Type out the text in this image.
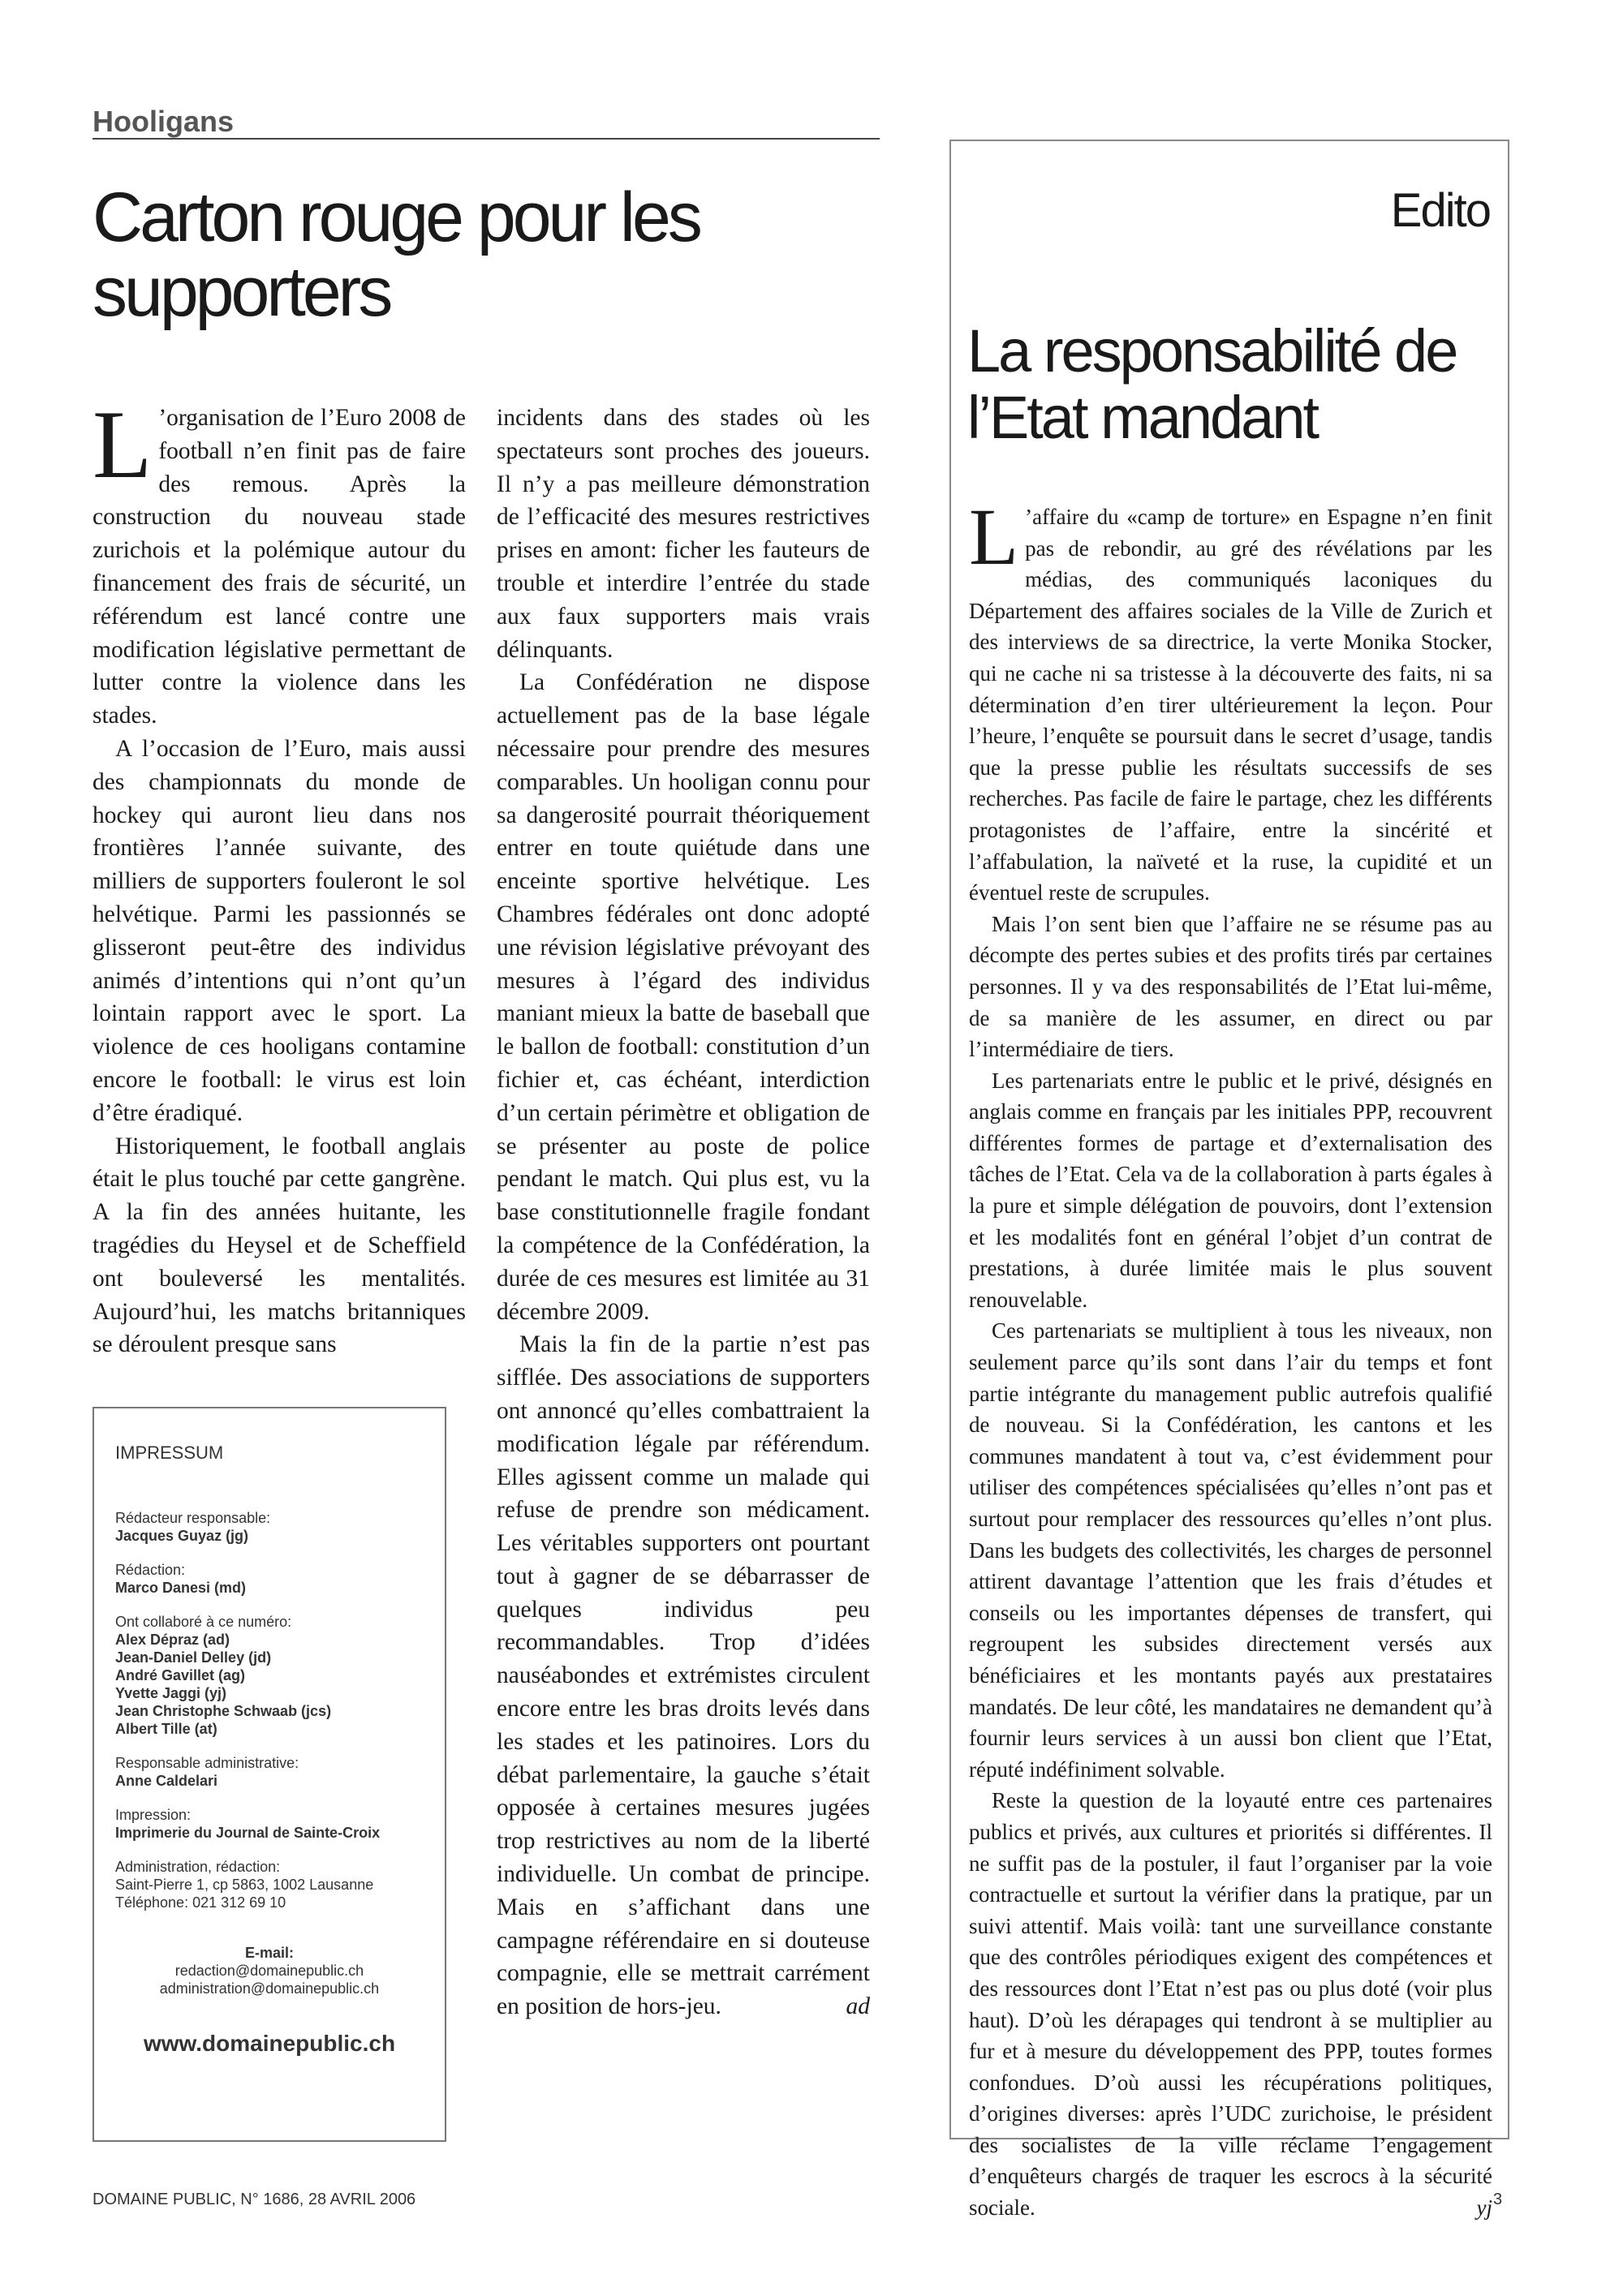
Hooligans
Carton rouge pour les supporters

L ’organisation de l’Euro 2008 de football n’en finit pas de faire des remous. Après la construction du nouveau stade zurichois et la polémique autour du financement des frais de sécurité, un référendum est lancé contre une modification législative permettant de lutter contre la violence dans les stades.

A l’occasion de l’Euro, mais aussi des championnats du monde de hockey qui auront lieu dans nos frontières l’année suivante, des milliers de supporters fouleront le sol helvétique. Parmi les passionnés se glisseront peut-être des individus animés d’intentions qui n’ont qu’un lointain rapport avec le sport. La violence de ces hooligans contamine encore le football: le virus est loin d’être éradiqué.

Historiquement, le football anglais était le plus touché par cette gangrène. A la fin des années huitante, les tragédies du Heysel et de Scheffield ont bouleversé les mentalités. Aujourd’hui, les matchs britanniques se déroulent presque sans

incidents dans des stades où les spectateurs sont proches des joueurs. Il n’y a pas meilleure démonstration de l’efficacité des mesures restrictives prises en amont: ficher les fauteurs de trouble et interdire l’entrée du stade aux faux supporters mais vrais délinquants.

La Confédération ne dispose actuellement pas de la base légale nécessaire pour prendre des mesures comparables. Un hooligan connu pour sa dangerosité pourrait théoriquement entrer en toute quiétude dans une enceinte sportive helvétique. Les Chambres fédérales ont donc adopté une révision législative prévoyant des mesures à l’égard des individus maniant mieux la batte de baseball que le ballon de football: constitution d’un fichier et, cas échéant, interdiction d’un certain périmètre et obligation de se présenter au poste de police pendant le match. Qui plus est, vu la base constitutionnelle fragile fondant la compétence de la Confédération, la durée de ces mesures est limitée au 31 décembre 2009.

Mais la fin de la partie n’est pas sifflée. Des associations de supporters ont annoncé qu’elles combattraient la modification légale par référendum. Elles agissent comme un malade qui refuse de prendre son médicament. Les véritables supporters ont pourtant tout à gagner de se débarrasser de quelques individus peu recommandables. Trop d’idées nauséabondes et extrémistes circulent encore entre les bras droits levés dans les stades et les patinoires. Lors du débat parlementaire, la gauche s’était opposée à certaines mesures jugées trop restrictives au nom de la liberté individuelle. Un combat de principe. Mais en s’affichant dans une campagne référendaire en si douteuse compagnie, elle se mettrait carrément en position de hors-jeu.	ad

IMPRESSUM
Rédacteur responsable:
Jacques Guyaz (jg)
Rédaction:
Marco Danesi (md)
Ont collaboré à ce numéro:
Alex Dépraz (ad)
Jean-Daniel Delley (jd)
André Gavillet (ag)
Yvette Jaggi (yj)
Jean Christophe Schwaab (jcs)
Albert Tille (at)
Responsable administrative:
Anne Caldelari
Impression:
Imprimerie du Journal de Sainte-Croix
Administration, rédaction:
Saint-Pierre 1, cp 5863, 1002 Lausanne
Téléphone: 021 312 69 10
E-mail:
redaction@domainepublic.ch
administration@domainepublic.ch
www.domainepublic.ch
Edito
La responsabilité de l’Etat mandant

L ’affaire du «camp de torture» en Espagne n’en finit pas de rebondir, au gré des révélations par les médias, des communiqués laconiques du Département des affaires sociales de la Ville de Zurich et des interviews de sa directrice, la verte Monika Stocker, qui ne cache ni sa tristesse à la découverte des faits, ni sa détermination d’en tirer ultérieurement la leçon. Pour l’heure, l’enquête se poursuit dans le secret d’usage, tandis que la presse publie les résultats successifs de ses recherches. Pas facile de faire le partage, chez les différents protagonistes de l’affaire, entre la sincérité et l’affabulation, la naïveté et la ruse, la cupidité et un éventuel reste de scrupules.

Mais l’on sent bien que l’affaire ne se résume pas au décompte des pertes subies et des profits tirés par certaines personnes. Il y va des responsabilités de l’Etat lui-même, de sa manière de les assumer, en direct ou par l’intermédiaire de tiers.

Les partenariats entre le public et le privé, désignés en anglais comme en français par les initiales PPP, recouvrent différentes formes de partage et d’externalisation des tâches de l’Etat. Cela va de la collaboration à parts égales à la pure et simple délégation de pouvoirs, dont l’extension et les modalités font en général l’objet d’un contrat de prestations, à durée limitée mais le plus souvent renouvelable.

Ces partenariats se multiplient à tous les niveaux, non seulement parce qu’ils sont dans l’air du temps et font partie intégrante du management public autrefois qualifié de nouveau. Si la Confédération, les cantons et les communes mandatent à tout va, c’est évidemment pour utiliser des compétences spécialisées qu’elles n’ont pas et surtout pour remplacer des ressources qu’elles n’ont plus. Dans les budgets des collectivités, les charges de personnel attirent davantage l’attention que les frais d’études et conseils ou les importantes dépenses de transfert, qui regroupent les subsides directement versés aux bénéficiaires et les montants payés aux prestataires mandatés. De leur côté, les mandataires ne demandent qu’à fournir leurs services à un aussi bon client que l’Etat, réputé indéfiniment solvable.

Reste la question de la loyauté entre ces partenaires publics et privés, aux cultures et priorités si différentes. Il ne suffit pas de la postuler, il faut l’organiser par la voie contractuelle et surtout la vérifier dans la pratique, par un suivi attentif. Mais voilà: tant une surveillance constante que des contrôles périodiques exigent des compétences et des ressources dont l’Etat n’est pas ou plus doté (voir plus haut). D’où les dérapages qui tendront à se multiplier au fur et à mesure du développement des PPP, toutes formes confondues. D’où aussi les récupérations politiques, d’origines diverses: après l’UDC zurichoise, le président des socialistes de la ville réclame l’engagement d’enquêteurs chargés de traquer les escrocs à la sécurité sociale.	yj

DOMAINE PUBLIC, N° 1686, 28 AVRIL 2006	3
